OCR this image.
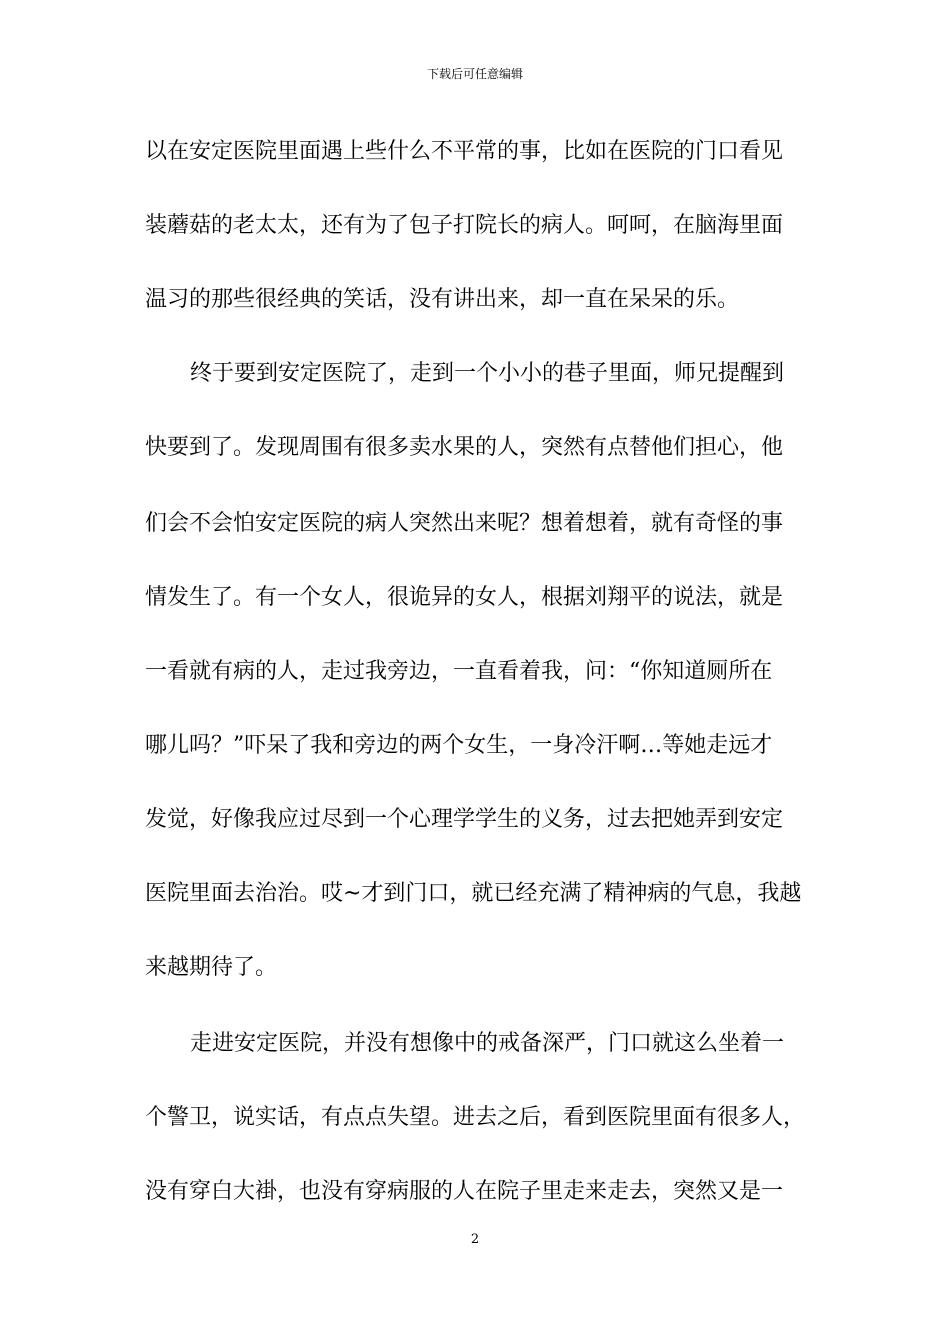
下载后可任意编辑
以在安定医院里面遇上些什么不平常的事，比如在医院的门口看见
装蘑菇的老太太，还有为了包子打院长的病人。呵呵，在脑海里面
温习的那些很经典的笑话，没有讲出来，却一直在呆呆的乐。
终于要到安定医院了，走到一个小小的巷子里面，师兄提醒到
快要到了。发现周围有很多卖水果的人，突然有点替他们担心，他
们会不会怕安定医院的病人突然出来呢？想着想着，就有奇怪的事
情发生了。有一个女人，很诡异的女人，根据刘翔平的说法，就是
一看就有病的人，走过我旁边，一直看着我，问：“你知道厕所在
哪儿吗？”吓呆了我和旁边的两个女生，一身冷汗啊…等她走远才
发觉，好像我应过尽到一个心理学学生的义务，过去把她弄到安定
医院里面去治治。哎~才到门口，就已经充满了精神病的气息，我越
来越期待了。
走进安定医院，并没有想像中的戒备深严，门口就这么坐着一
个警卫，说实话，有点点失望。进去之后，看到医院里面有很多人，
没有穿白大褂，也没有穿病服的人在院子里走来走去，突然又是一
2
